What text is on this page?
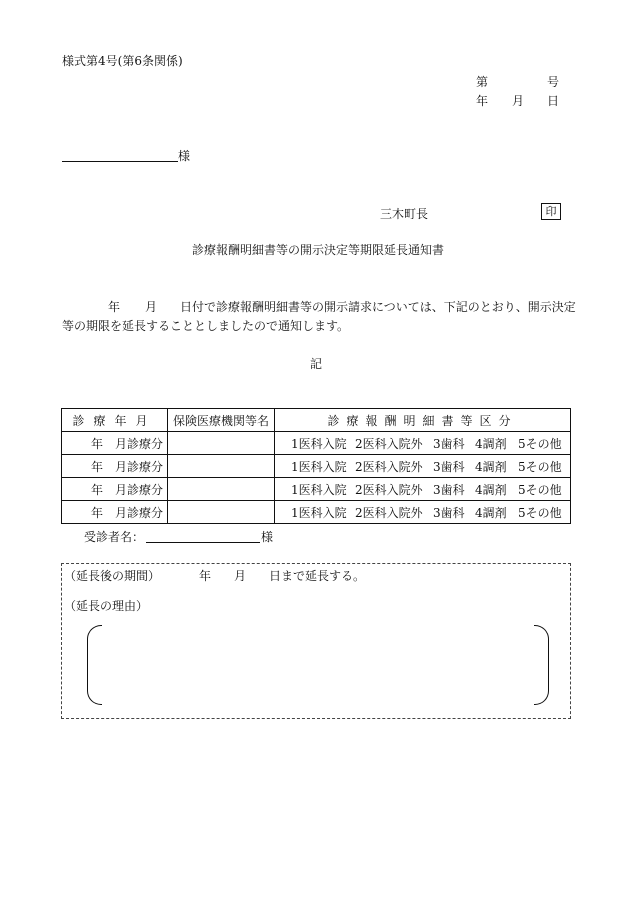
様式第4号(第6条関係)
第	号
年 月 日
様
三木町長	印
診療報酬明細書等の開示決定等期限延長通知書
年 月 日付で診療報酬明細書等の開示請求については、下記のとおり、開示決定
等の期限を延長することとしましたので通知します。
記
診療年月	保険医療機関等名	診療報酬明細書等区分
年　月診療分		1医科入院 2医科入院外 3歯科 4調剤 5その他
年　月診療分		1医科入院 2医科入院外 3歯科 4調剤 5その他
年　月診療分		1医科入院 2医科入院外 3歯科 4調剤 5その他
年　月診療分		1医科入院 2医科入院外 3歯科 4調剤 5その他
受診者名：	様
（延長後の期間）	年 月 日まで延長する。
（延長の理由）
